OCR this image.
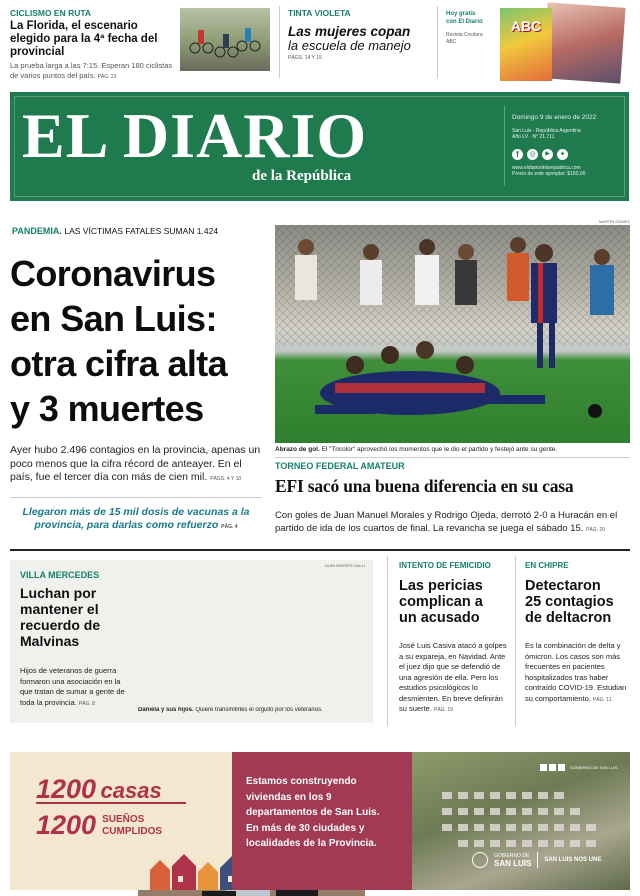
CICLISMO EN RUTA
La Florida, el escenario elegido para la 4ª fecha del provincial
La prueba larga a las 7:15. Esperan 180 ciclistas de varios puntos del país. PÁG. 22
TINTA VIOLETA
Las mujeres copan
la escuela de manejo
PÁGS. 14 Y 15
Hoy gratis
con El Diario
Revista Cocitura
ABC
ABC
EL DIARIO
de la República
Domingo 9 de enero de 2022
San Luis - República Argentina
Año LV · N° 21.711
f	◎	▶	✦
www.eldiariodelarepublica.com
Precio de este ejemplar: $150,00
PANDEMIA. LAS VÍCTIMAS FATALES SUMAN 1.424
Coronavirus
en San Luis:
otra cifra alta
y 3 muertes
Ayer hubo 2.496 contagios en la provincia, apenas un poco menos que la cifra récord de anteayer. En el país, fue el tercer día con más de cien mil. PÁGS. 4 Y 10
Llegaron más de 15 mil dosis de vacunas a la
provincia, para darlas como refuerzo PÁG. 4
MARTÍN GÓMEZ
Abrazo de gol. El "Tricolor" aprovechó los momentos que le dio el partido y festejó ante su gente.
TORNEO FEDERAL AMATEUR
EFI sacó una buena diferencia en su casa
Con goles de Juan Manuel Morales y Rodrigo Ojeda, derrotó 2-0 a Huracán en el partido de ida de los cuartos de final. La revancha se juega el sábado 15. PÁG. 20
VILLA MERCEDES
Luchan por
mantener el
recuerdo de
Malvinas
Hijos de veteranos de guerra formaron una asociación en la que tratan de sumar a gente de toda la provincia. PÁG. 8
JUAN ANDRÉS GALLI
Daniela y sus hijos. Quiere transmitirles el orgullo por los veteranos.
INTENTO DE FEMICIDIO
Las pericias
complican a
un acusado
José Luis Casiva atacó a golpes a su expareja, en Navidad. Ante el juez dijo que se defendió de una agresión de ella. Pero los estudios psicológicos lo desmienten. En breve definirán su suerte. PÁG. 19
EN CHIPRE
Detectaron
25 contagios
de deltacron
Es la combinación de delta y ómicron. Los casos son más frecuentes en pacientes hospitalizados tras haber contraído COVID-19. Estudian su comportamiento. PÁG. 11
1200 casas
1200 SUEÑOS
CUMPLIDOS
Estamos construyendo
viviendas en los 9
departamentos de San Luis.
En más de 30 ciudades y
localidades de la Provincia.
GOBIERNO DE SAN LUIS
GOBIERNO DE
SAN LUIS SAN LUIS NOS UNE
